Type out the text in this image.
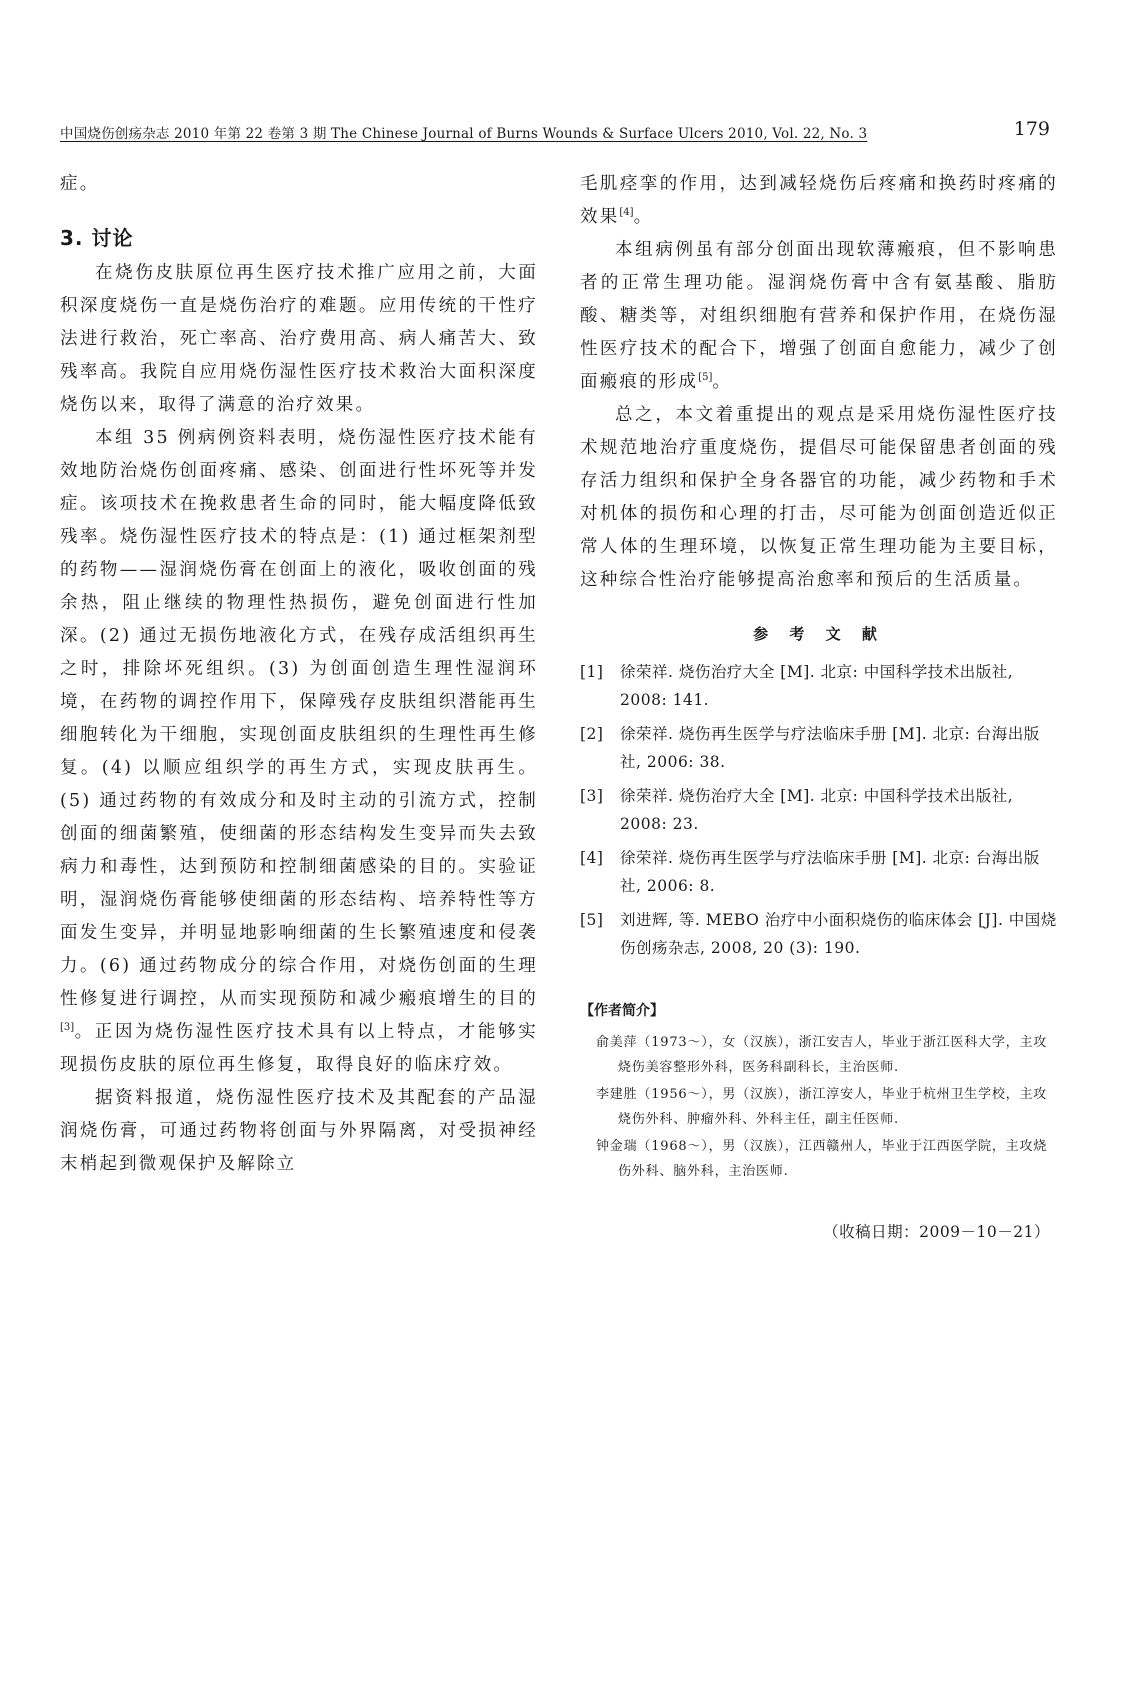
中国烧伤创疡杂志 2010 年第 22 卷第 3 期 The Chinese Journal of Burns Wounds & Surface Ulcers 2010, Vol. 22, No. 3	179

症。

3. 讨论

在烧伤皮肤原位再生医疗技术推广应用之前，大面积深度烧伤一直是烧伤治疗的难题。应用传统的干性疗法进行救治，死亡率高、治疗费用高、病人痛苦大、致残率高。我院自应用烧伤湿性医疗技术救治大面积深度烧伤以来，取得了满意的治疗效果。

本组 35 例病例资料表明，烧伤湿性医疗技术能有效地防治烧伤创面疼痛、感染、创面进行性坏死等并发症。该项技术在挽救患者生命的同时，能大幅度降低致残率。烧伤湿性医疗技术的特点是：(1) 通过框架剂型的药物——湿润烧伤膏在创面上的液化，吸收创面的残余热，阻止继续的物理性热损伤，避免创面进行性加深。(2) 通过无损伤地液化方式，在残存成活组织再生之时，排除坏死组织。(3) 为创面创造生理性湿润环境，在药物的调控作用下，保障残存皮肤组织潜能再生细胞转化为干细胞，实现创面皮肤组织的生理性再生修复。(4) 以顺应组织学的再生方式，实现皮肤再生。(5) 通过药物的有效成分和及时主动的引流方式，控制创面的细菌繁殖，使细菌的形态结构发生变异而失去致病力和毒性，达到预防和控制细菌感染的目的。实验证明，湿润烧伤膏能够使细菌的形态结构、培养特性等方面发生变异，并明显地影响细菌的生长繁殖速度和侵袭力。(6) 通过药物成分的综合作用，对烧伤创面的生理性修复进行调控，从而实现预防和减少瘢痕增生的目的[3]。正因为烧伤湿性医疗技术具有以上特点，才能够实现损伤皮肤的原位再生修复，取得良好的临床疗效。

据资料报道，烧伤湿性医疗技术及其配套的产品湿润烧伤膏，可通过药物将创面与外界隔离，对受损神经末梢起到微观保护及解除立

毛肌痉挛的作用，达到减轻烧伤后疼痛和换药时疼痛的效果[4]。

本组病例虽有部分创面出现软薄瘢痕，但不影响患者的正常生理功能。湿润烧伤膏中含有氨基酸、脂肪酸、糖类等，对组织细胞有营养和保护作用，在烧伤湿性医疗技术的配合下，增强了创面自愈能力，减少了创面瘢痕的形成[5]。

总之，本文着重提出的观点是采用烧伤湿性医疗技术规范地治疗重度烧伤，提倡尽可能保留患者创面的残存活力组织和保护全身各器官的功能，减少药物和手术对机体的损伤和心理的打击，尽可能为创面创造近似正常人体的生理环境，以恢复正常生理功能为主要目标，这种综合性治疗能够提高治愈率和预后的生活质量。

参 考 文 献

[1] 徐荣祥. 烧伤治疗大全 [M]. 北京: 中国科学技术出版社, 2008: 141.

[2] 徐荣祥. 烧伤再生医学与疗法临床手册 [M]. 北京: 台海出版社, 2006: 38.

[3] 徐荣祥. 烧伤治疗大全 [M]. 北京: 中国科学技术出版社, 2008: 23.

[4] 徐荣祥. 烧伤再生医学与疗法临床手册 [M]. 北京: 台海出版社, 2006: 8.

[5] 刘进辉, 等. MEBO 治疗中小面积烧伤的临床体会 [J]. 中国烧伤创疡杂志, 2008, 20 (3): 190.

【作者简介】

俞美萍（1973～），女（汉族），浙江安吉人，毕业于浙江医科大学，主攻烧伤美容整形外科，医务科副科长，主治医师.

李建胜（1956～），男（汉族），浙江淳安人，毕业于杭州卫生学校，主攻烧伤外科、肿瘤外科、外科主任，副主任医师.

钟金瑞（1968～），男（汉族），江西赣州人，毕业于江西医学院，主攻烧伤外科、脑外科，主治医师.

（收稿日期：2009－10－21）
